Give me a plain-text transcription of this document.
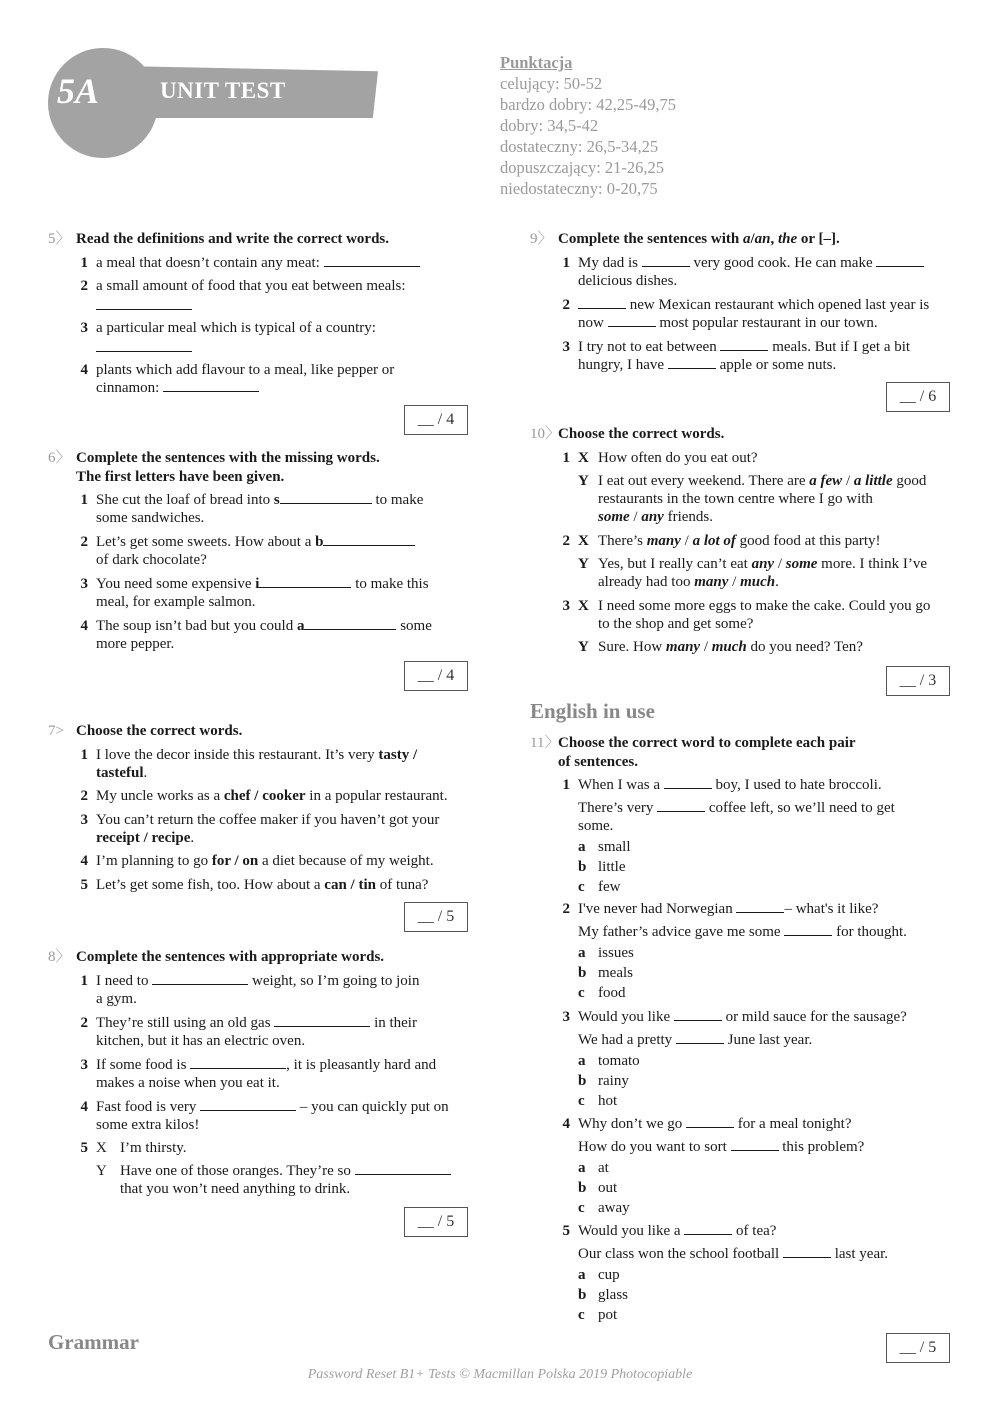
5A	UNIT TEST
Punktacja
celujący: 50-52
bardzo dobry: 42,25-49,75
dobry: 34,5-42
dostateczny: 26,5-34,25
dopuszczający: 21-26,25
niedostateczny: 0-20,75
5〉 Read the definitions and write the correct words.
1 a meal that doesn’t contain any meat:
2 a small amount of food that you eat between meals:
3 a particular meal which is typical of a country:
4 plants which add flavour to a meal, like pepper or
cinnamon:
__ / 4
6〉 Complete the sentences with the missing words.
The first letters have been given.
1 She cut the loaf of bread into s	to make
some sandwiches.
2 Let’s get some sweets. How about a b
of dark chocolate?
3 You need some expensive i	to make this
meal, for example salmon.
4 The soup isn’t bad but you could a	some
more pepper.
__ / 4
7> Choose the correct words.
1 I love the decor inside this restaurant. It’s very tasty /
tasteful.
2 My uncle works as a chef / cooker in a popular restaurant.
3 You can’t return the coffee maker if you haven’t got your
receipt / recipe.
4 I’m planning to go for / on a diet because of my weight.
5 Let’s get some fish, too. How about a can / tin of tuna?
__ / 5
8〉 Complete the sentences with appropriate words.
1 I need to	weight, so I’m going to join
a gym.
2 They’re still using an old gas	in their
kitchen, but it has an electric oven.
3 If some food is	, it is pleasantly hard and
makes a noise when you eat it.
4 Fast food is very	– you can quickly put on
some extra kilos!
5 X I’m thirsty.
Y Have one of those oranges. They’re so
that you won’t need anything to drink.
__ / 5
Grammar
9〉 Complete the sentences with a/an, the or [–].
1 My dad is	very good cook. He can make
delicious dishes.
2	new Mexican restaurant which opened last year is
now	most popular restaurant in our town.
3 I try not to eat between	meals. But if I get a bit
hungry, I have	apple or some nuts.
__ / 6
10〉
Choose the correct words.
1 X How often do you eat out?
Y I eat out every weekend. There are a few / a little good
restaurants in the town centre where I go with
some / any friends.
2 X There’s many / a lot of good food at this party!
Y Yes, but I really can’t eat any / some more. I think I’ve
already had too many / much.
3 X I need some more eggs to make the cake. Could you go
to the shop and get some?
Y Sure. How many / much do you need? Ten?
__ / 3
English in use
11〉
Choose the correct word to complete each pair
of sentences.
1 When I was a	boy, I used to hate broccoli.
There’s very	coffee left, so we’ll need to get
some.
a small
b little
c few
2 I've never had Norwegian	– what's it like?
My father’s advice gave me some	for thought.
a issues
b meals
c food
3 Would you like	or mild sauce for the sausage?
We had a pretty	June last year.
a tomato
b rainy
c hot
4 Why don’t we go	for a meal tonight?
How do you want to sort	this problem?
a at
b out
c away
5 Would you like a	of tea?
Our class won the school football	last year.
a cup
b glass
c pot
__ / 5
Password Reset B1+ Tests © Macmillan Polska 2019 Photocopiable
